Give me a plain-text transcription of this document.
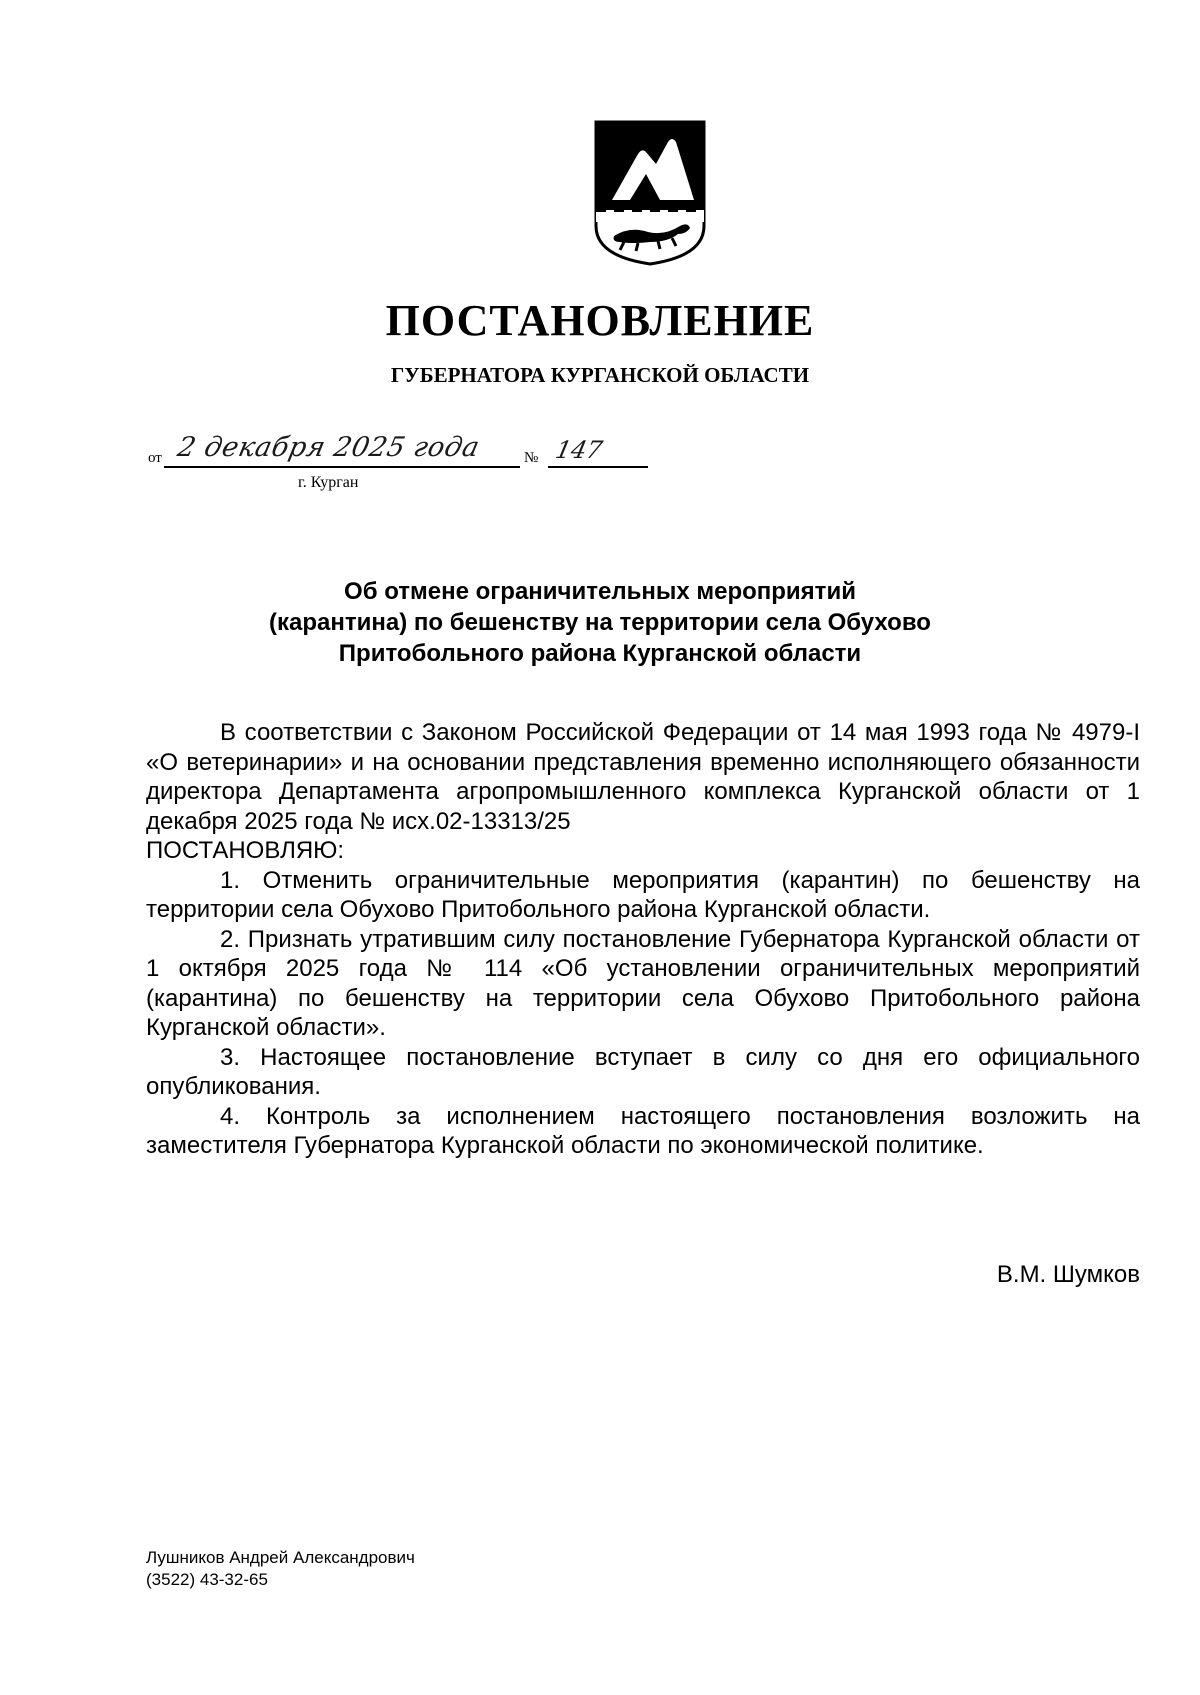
ПОСТАНОВЛЕНИЕ
ГУБЕРНАТОРА КУРГАНСКОЙ ОБЛАСТИ
от 2 декабря 2025 года	№ 147
г. Курган
Об отмене ограничительных мероприятий
(карантина) по бешенству на территории села Обухово
Притобольного района Курганской области

В соответствии с Законом Российской Федерации от 14 мая 1993 года № 4979-I «О ветеринарии» и на основании представления временно исполняющего обязанности директора Департамента агропромышленного комплекса Курганской области от 1 декабря 2025 года № исх.02-13313/25

ПОСТАНОВЛЯЮ:

1. Отменить ограничительные мероприятия (карантин) по бешенству на территории села Обухово Притобольного района Курганской области.

2. Признать утратившим силу постановление Губернатора Курганской области от 1 октября 2025 года № 114 «Об установлении ограничительных мероприятий (карантина) по бешенству на территории села Обухово Притобольного района Курганской области».

3. Настоящее постановление вступает в силу со дня его официального опубликования.

4. Контроль за исполнением настоящего постановления возложить на заместителя Губернатора Курганской области по экономической политике.

В.М. Шумков
Лушников Андрей Александрович
(3522) 43-32-65
